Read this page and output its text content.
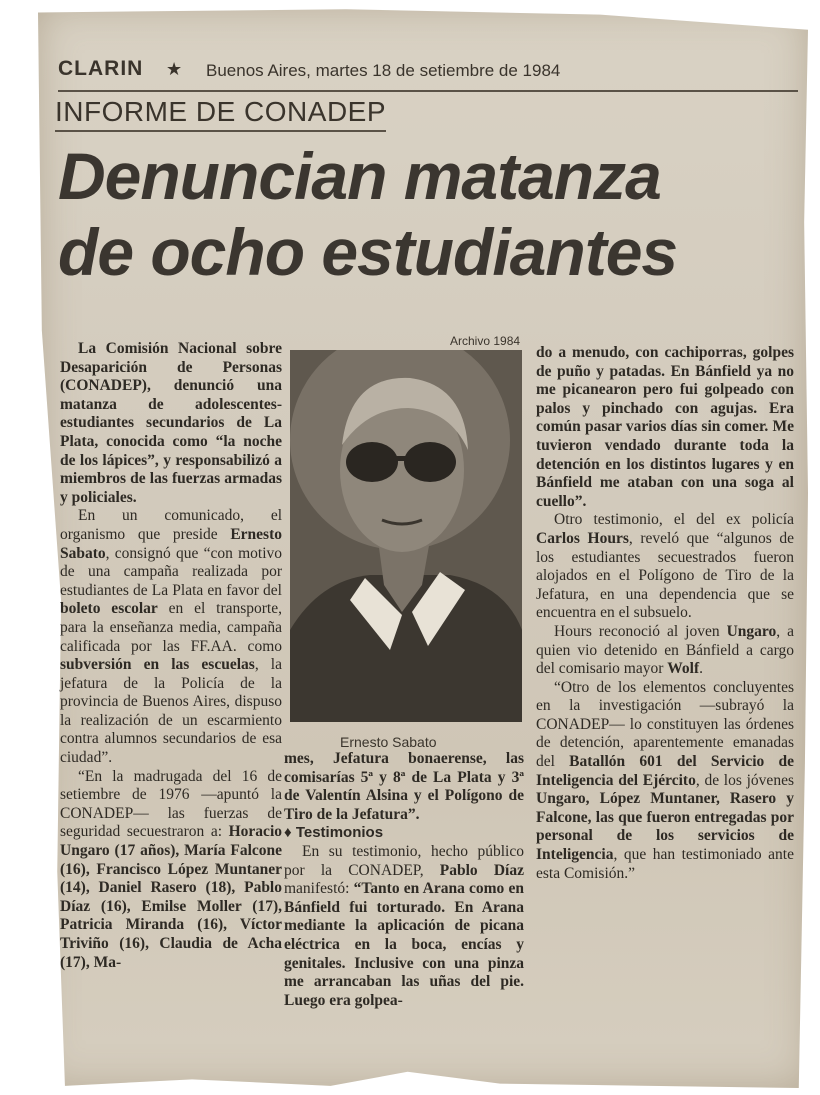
CLARIN ★ Buenos Aires, martes 18 de setiembre de 1984
INFORME DE CONADEP
Denuncian matanza
de ocho estudiantes
Archivo 1984
Ernesto Sabato

La Comisión Nacional sobre Desaparición de Personas (CONADEP), denunció una matanza de adolescentes-estudiantes secundarios de La Plata, conocida como “la noche de los lápices”, y responsabilizó a miembros de las fuerzas armadas y policiales.

En un comunicado, el organismo que preside Ernesto Sabato, consignó que “con motivo de una campaña realizada por estudiantes de La Plata en favor del boleto escolar en el transporte, para la enseñanza media, campaña calificada por las FF.AA. como subversión en las escuelas, la jefatura de la Policía de la provincia de Buenos Aires, dispuso la realización de un escarmiento contra alumnos secundarios de esa ciudad”.

“En la madrugada del 16 de setiembre de 1976 —apuntó la CONADEP— las fuerzas de seguridad secuestraron a: Horacio Ungaro (17 años), María Falcone (16), Francisco López Muntaner (14), Daniel Rasero (18), Pablo Díaz (16), Emilse Moller (17), Patricia Miranda (16), Víctor Triviño (16), Claudia de Acha (17), Ma-

mes, Jefatura bonaerense, las comisarías 5ª y 8ª de La Plata y 3ª de Valentín Alsina y el Polígono de Tiro de la Jefatura”.

♦ Testimonios

En su testimonio, hecho público por la CONADEP, Pablo Díaz manifestó: “Tanto en Arana como en Bánfield fui torturado. En Arana mediante la aplicación de picana eléctrica en la boca, encías y genitales. Inclusive con una pinza me arrancaban las uñas del pie. Luego era golpea-

do a menudo, con cachiporras, golpes de puño y patadas. En Bánfield ya no me picanearon pero fui golpeado con palos y pinchado con agujas. Era común pasar varios días sin comer. Me tuvieron vendado durante toda la detención en los distintos lugares y en Bánfield me ataban con una soga al cuello”.

Otro testimonio, el del ex policía Carlos Hours, reveló que “algunos de los estudiantes secuestrados fueron alojados en el Polígono de Tiro de la Jefatura, en una dependencia que se encuentra en el subsuelo.

Hours reconoció al joven Ungaro, a quien vio detenido en Bánfield a cargo del comisario mayor Wolf.

“Otro de los elementos concluyentes en la investigación —subrayó la CONADEP— lo constituyen las órdenes de detención, aparentemente emanadas del Batallón 601 del Servicio de Inteligencia del Ejército, de los jóvenes Ungaro, López Muntaner, Rasero y Falcone, las que fueron entregadas por personal de los servicios de Inteligencia, que han testimoniado ante esta Comisión.”
